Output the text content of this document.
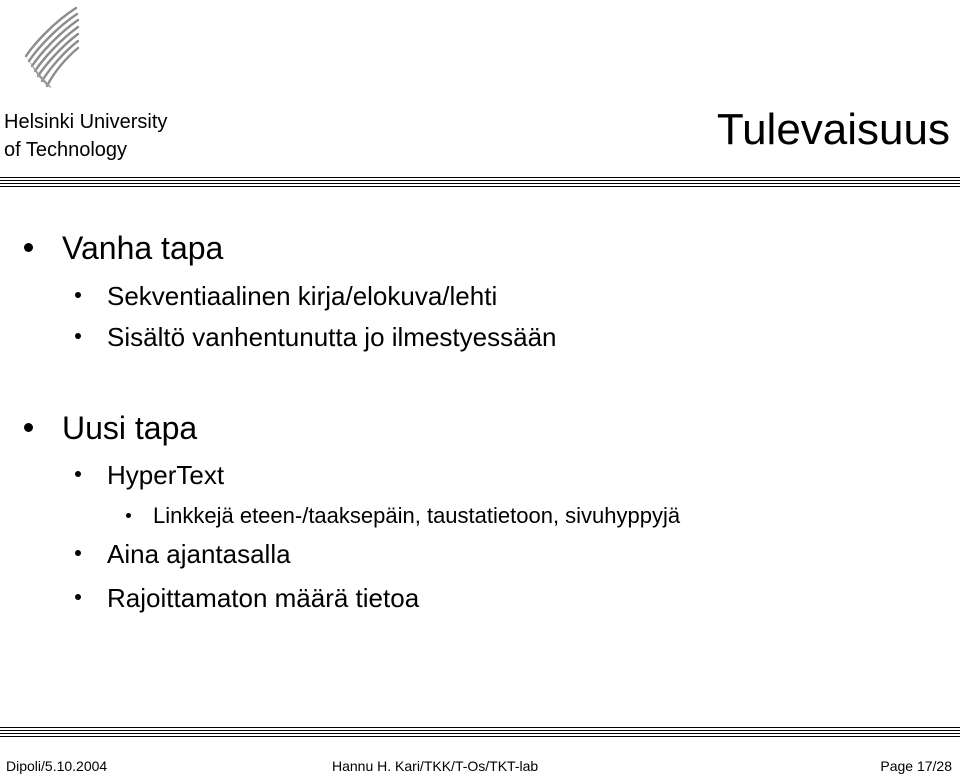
Helsinki University
of Technology	Tulevaisuus
Vanha tapa
Sekventiaalinen kirja/elokuva/lehti
Sisältö vanhentunutta jo ilmestyessään
Uusi tapa
HyperText
Linkkejä eteen-/taaksepäin, taustatietoon, sivuhyppyjä
Aina ajantasalla
Rajoittamaton määrä tietoa
Dipoli/5.10.2004	Hannu H. Kari/TKK/T-Os/TKT-lab	Page 17/28
